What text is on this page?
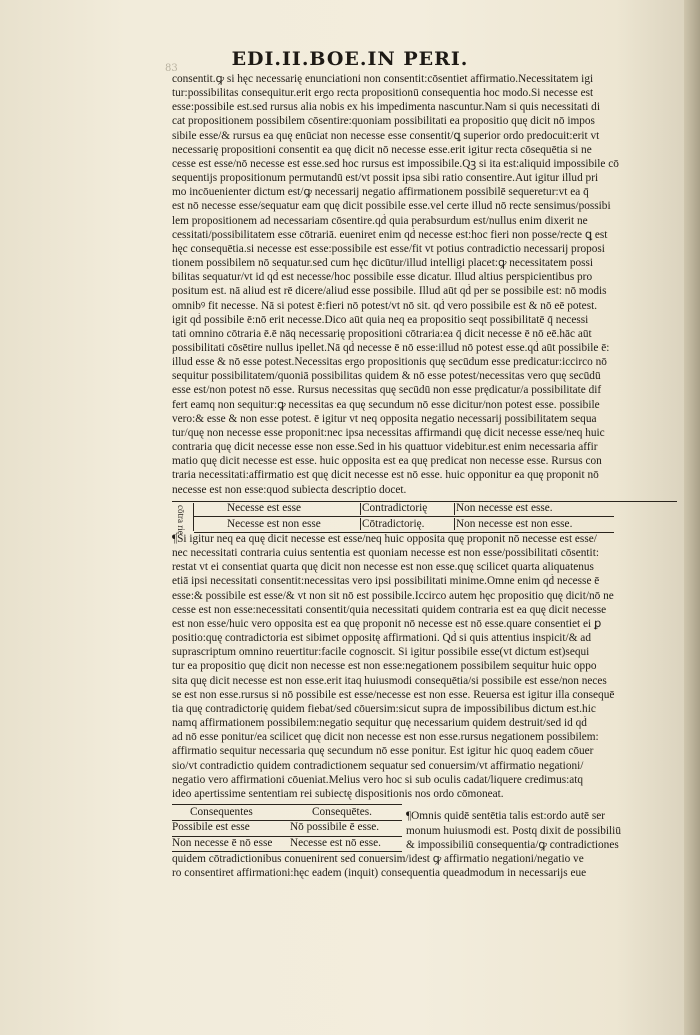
83	EDI.II.BOE.IN PERI.
consentit.ꝙ si hęc necessarię enunciationi non consentit:cōsentiet affirmatio.Necessitatem igi
tur:possibilitas consequitur.erit ergo recta propositionū consequentia hoc modo.Si necesse est
esse:possibile est.sed rursus alia nobis ex his impedimenta nascuntur.Nam si quis necessitati di
cat propositionem possibilem cōsentire:quoniam possibilitati ea propositio quę dicit nō impos
sibile esse/& rursus ea quę enūciat non necesse esse consentit/ꝗ superior ordo predocuit:erit vt
necessarię propositioni consentit ea quę dicit nō necesse esse.erit igitur recta cōsequētia si ne
cesse est esse/nō necesse est esse.sed hoc rursus est impossibile.Qꝫ si ita est:aliquid impossibile cō
sequentijs propositionum permutandū est/vt possit ipsa sibi ratio consentire.Aut igitur illud pri
mo incōuenienter dictum est/ꝙ necessarij negatio affirmationem possibilē sequeretur:vt ea q̄
est nō necesse esse/sequatur eam quę dicit possibile esse.vel certe illud nō recte sensimus/possibi
lem propositionem ad necessariam cōsentire.qd́ quia perabsurdum est/nullus enim dixerit ne
cessitati/possibilitatem esse cōtrariā. eueniret enim qd́ necesse est:hoc fieri non posse/recte ꝗ est
hęc consequētia.si necesse est esse:possibile est esse/fit vt potius contradictio necessarij proposi
tionem possibilem nō sequatur.sed cum hęc dicūtur/illud intelligi placet:ꝙ necessitatem possi
bilitas sequatur/vt id qd́ est necesse/hoc possibile esse dicatur. Illud altius perspicientibus pro
positum est. nā aliud est rē dicere/aliud esse possibile. Illud aūt qd́ per se possibile est: nō modis
omnibꝰ fit necesse. Nā si potest ē:fieri nō potest/vt nō sit. qd́ vero possibile est & nō eē potest.
igit qd́ possibile ē:nō erit necesse.Dico aūt quia neq ea propositio seqt possibilitatē q̄ necessi
tati omnino cōtraria ē.ē nāq necessarię propositioni cōtraria:ea q̄ dicit necesse ē nō eē.hāc aūt
possibilitati cōsētire nullus ipellet.Nā qd́ necesse ē nō esse:illud nō potest esse.qd́ aūt possibile ē:
illud esse & nō esse potest.Necessitas ergo propositionis quę secūdum esse predicatur:iccirco nō
sequitur possibilitatem/quoniā possibilitas quidem & nō esse potest/necessitas vero quę secūdū
esse est/non potest nō esse. Rursus necessitas quę secūdū non esse prędicatur/a possibilitate dif
fert eamq non sequitur:ꝙ necessitas ea quę secundum nō esse dicitur/non potest esse. possibile
vero:& esse & non esse potest. ē igitur vt neq opposita negatio necessarij possibilitatem sequa
tur/quę non necesse esse proponit:nec ipsa necessitas affirmandi quę dicit necesse esse/neq huic
contraria quę dicit necesse esse non esse.Sed in his quattuor videbitur.est enim necessaria affir
matio quę dicit necesse est esse. huic opposita est ea quę predicat non necesse esse. Rursus con
traria necessitati:affirmatio est quę dicit necesse est nō esse. huic opponitur ea quę proponit nō
necesse est non esse:quod subiecta descriptio docet.
cōtra rię	Necesse est esse	Contradictorię	Non necesse est esse.
Necesse est non esse	Cōtradictorię.	Non necesse est non esse.
¶Si igitur neq ea quę dicit necesse est esse/neq huic opposita quę proponit nō necesse est esse/
nec necessitati contraria cuius sententia est quoniam necesse est non esse/possibilitati cōsentit:
restat vt ei consentiat quarta quę dicit non necesse est non esse.quę scilicet quarta aliquatenus
etiā ipsi necessitati consentit:necessitas vero ipsi possibilitati minime.Omne enim qd́ necesse ē
esse:& possibile est esse/& vt non sit nō est possibile.Iccirco autem hęc propositio quę dicit/nō ne
cesse est non esse:necessitati consentit/quia necessitati quidem contraria est ea quę dicit necesse
est non esse/huic vero opposita est ea quę proponit nō necesse est nō esse.quare consentiet ei ꝑ
positio:quę contradictoria est sibimet oppositę affirmationi. Qd́ si quis attentius inspicit/& ad
suprascriptum omnino reuertitur:facile cognoscit. Si igitur possibile esse(vt dictum est)sequi
tur ea propositio quę dicit non necesse est non esse:negationem possibilem sequitur huic oppo
sita quę dicit necesse est non esse.erit itaq huiusmodi consequētia/si possibile est esse/non neces
se est non esse.rursus si nō possibile est esse/necesse est non esse. Reuersa est igitur illa consequē
tia quę contradictorię quidem fiebat/sed cōuersim:sicut supra de impossibilibus dictum est.hic
namq affirmationem possibilem:negatio sequitur quę necessarium quidem destruit/sed id qd́
ad nō esse ponitur/ea scilicet quę dicit non necesse est non esse.rursus negationem possibilem:
affirmatio sequitur necessaria quę secundum nō esse ponitur. Est igitur hic quoq eadem cōuer
sio/vt contradictio quidem contradictionem sequatur sed conuersim/vt affirmatio negationi/
negatio vero affirmationi cōueniat.Melius vero hoc si sub oculis cadat/liquere credimus:atq
ideo apertissime sententiam rei subiectę dispositionis nos ordo cōmoneat.
Consequentes	Consequētes.
Possibile est esse	Nō possibile ē esse.
Non necesse ē nō esse Necesse est nō esse.
¶Omnis quidē sentētia talis est:ordo autē ser
monum huiusmodi est. Postq dixit de possibiliū
& impossibiliū consequentia/ꝙ contradictiones
quidem cōtradictionibus conuenirent sed conuersim/idest ꝙ affirmatio negationi/negatio ve
ro consentiret affirmationi:hęc eadem (inquit) consequentia queadmodum in necessarijs eue
